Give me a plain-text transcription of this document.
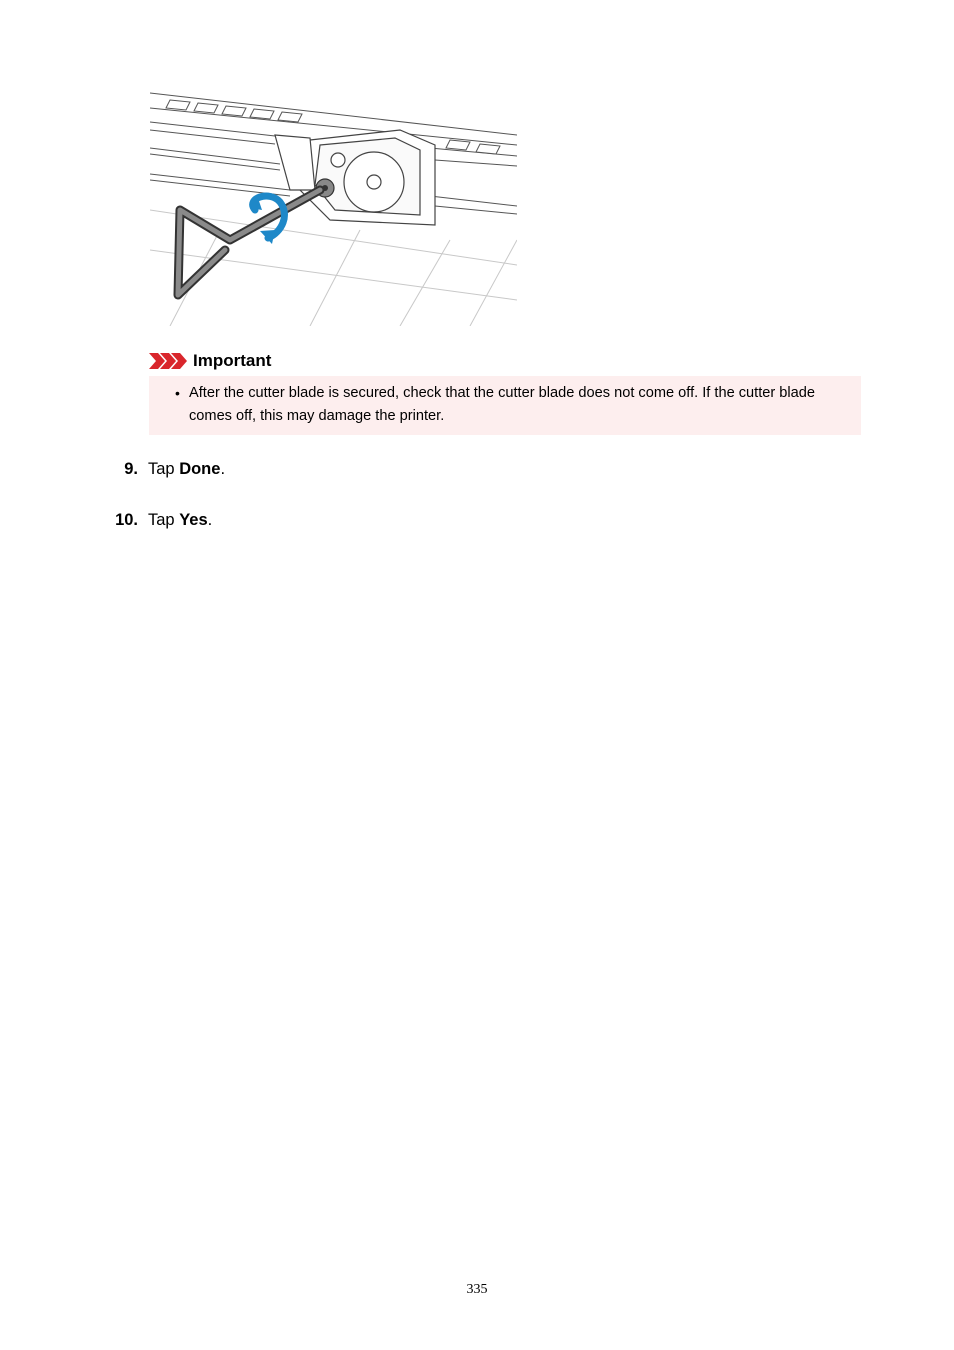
Important
• After the cutter blade is secured, check that the cutter blade does not come off. If the cutter blade comes off, this may damage the printer.
9. Tap Done.
10. Tap Yes.
335
